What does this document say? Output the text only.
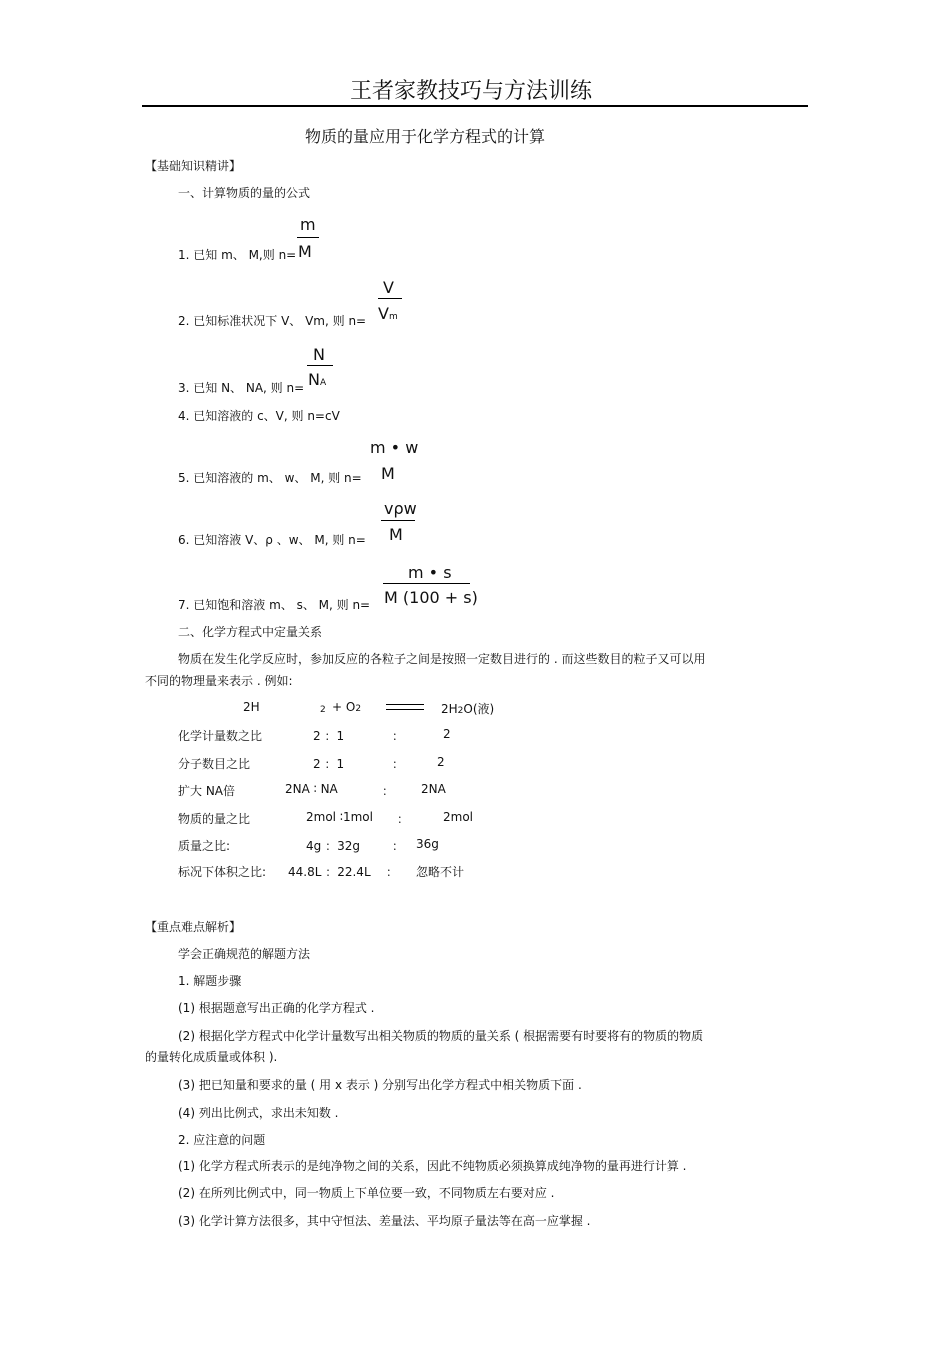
王者家教技巧与方法训练
物质的量应用于化学方程式的计算
【基础知识精讲】
一、计算物质的量的公式
1. 已知 m、 M,则 n=
m
M
2. 已知标准状况下 V、 Vm, 则 n=
V
Vm
3. 已知 N、 NA, 则 n=
N
NA
4. 已知溶液的 c、V, 则 n=cV
5. 已知溶液的 m、 w、 M, 则 n=
m • w
M
6. 已知溶液 V、ρ 、w、 M, 则 n=
vρw
M
7. 已知饱和溶液 m、 s、 M, 则 n=
m • s
M (100 + s)
二、化学方程式中定量关系
物质在发生化学反应时，参加反应的各粒子之间是按照一定数目进行的 . 而这些数目的粒子又可以用
不同的物理量来表示 . 例如:
2H	2 + O2	2H2O(液)
化学计量数之比	2 ：1	：	2
分子数目之比	2 ：1	：	2
扩大 NA倍	2NA ∶ NA	： 2NA
物质的量之比	2mol ∶1mol ：	2mol
质量之比:	4g ：32g	： 36g
标况下体积之比: 44.8L ：22.4L ： 忽略不计
【重点难点解析】
学会正确规范的解题方法
1. 解题步骤
(1) 根据题意写出正确的化学方程式 .
(2) 根据化学方程式中化学计量数写出相关物质的物质的量关系 ( 根据需要有时要将有的物质的物质
的量转化成质量或体积 ).
(3) 把已知量和要求的量 ( 用 x 表示 ) 分别写出化学方程式中相关物质下面 .
(4) 列出比例式，求出未知数 .
2. 应注意的问题
(1) 化学方程式所表示的是纯净物之间的关系，因此不纯物质必须换算成纯净物的量再进行计算 .
(2) 在所列比例式中，同一物质上下单位要一致，不同物质左右要对应 .
(3) 化学计算方法很多，其中守恒法、差量法、平均原子量法等在高一应掌握 .
